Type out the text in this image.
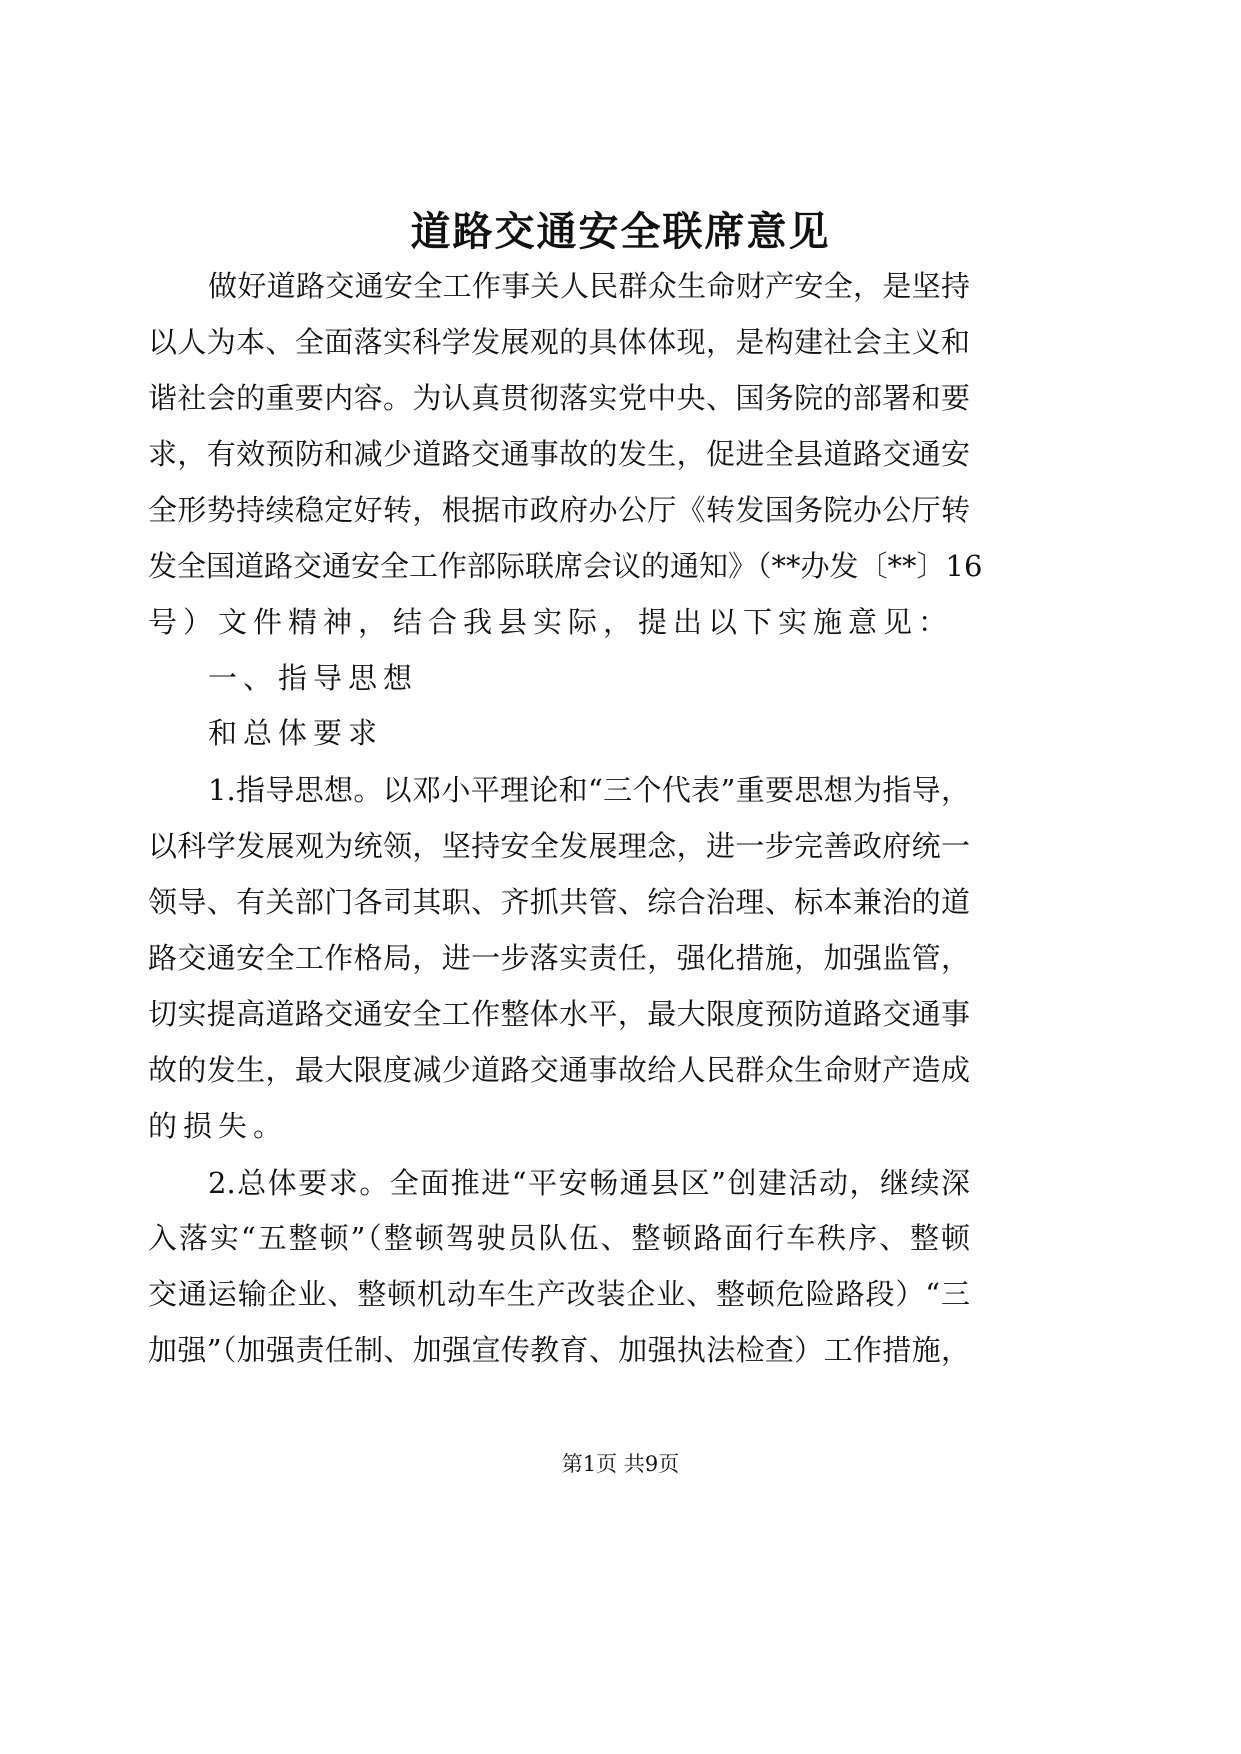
道路交通安全联席意见
做好道路交通安全工作事关人民群众生命财产安全，是坚持
以人为本、全面落实科学发展观的具体体现，是构建社会主义和
谐社会的重要内容。为认真贯彻落实党中央、国务院的部署和要
求，有效预防和减少道路交通事故的发生，促进全县道路交通安
全形势持续稳定好转，根据市政府办公厅《转发国务院办公厅转
发全国道路交通安全工作部际联席会议的通知》（**办发〔**〕16
号）文件精神，结合我县实际，提出以下实施意见：
一、指导思想
和总体要求
1.指导思想。以邓小平理论和“三个代表”重要思想为指导，
以科学发展观为统领，坚持安全发展理念，进一步完善政府统一
领导、有关部门各司其职、齐抓共管、综合治理、标本兼治的道
路交通安全工作格局，进一步落实责任，强化措施，加强监管，
切实提高道路交通安全工作整体水平，最大限度预防道路交通事
故的发生，最大限度减少道路交通事故给人民群众生命财产造成
的损失。
2.总体要求。全面推进“平安畅通县区”创建活动，继续深
入落实“五整顿”（整顿驾驶员队伍、整顿路面行车秩序、整顿
交通运输企业、整顿机动车生产改装企业、整顿危险路段）“三
加强”（加强责任制、加强宣传教育、加强执法检查）工作措施，
第1页 共9页
